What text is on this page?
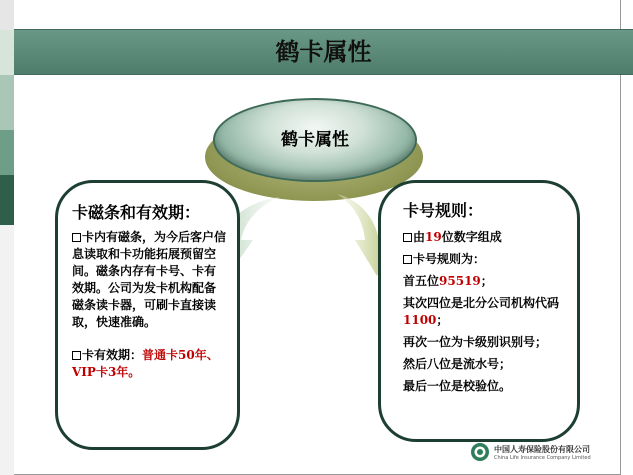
鹤卡属性
鹤卡属性

卡磁条和有效期：

卡内有磁条，为今后客户信息读取和卡功能拓展预留空间。磁条内存有卡号、卡有效期。公司为发卡机构配备磁条读卡器，可刷卡直接读取，快速准确。

卡有效期：普通卡50年、VIP卡3年。

卡号规则：

由19位数字组成

卡号规则为：

首五位95519；

其次四位是北分公司机构代码1100；

再次一位为卡级别识别号；

然后八位是流水号；

最后一位是校验位。

中国人寿保险股份有限公司
China Life Insurance Company Limited
